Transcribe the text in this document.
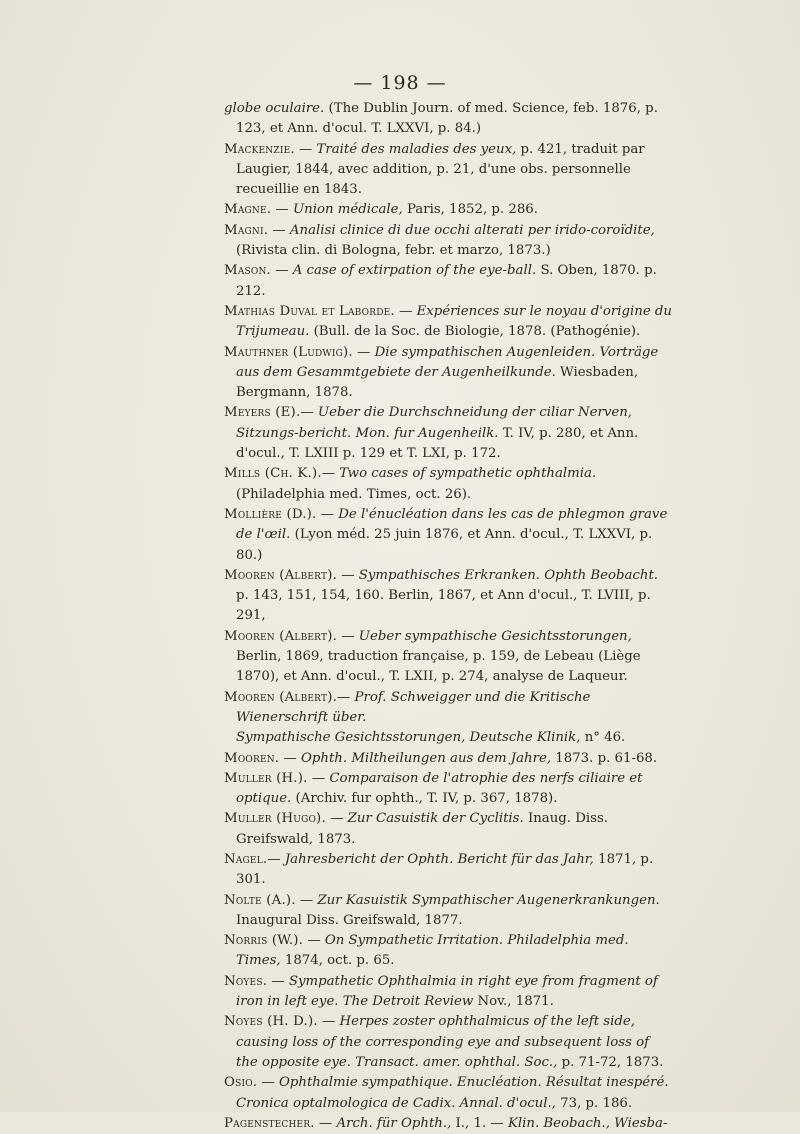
— 198 —

globe oculaire. (The Dublin Journ. of med. Science, feb. 1876, p. 123, et Ann. d'ocul. T. LXXVI, p. 84.)

Mackenzie. — Traité des maladies des yeux, p. 421, traduit par Laugier, 1844, avec addition, p. 21, d'une obs. personnelle recueillie en 1843.

Magne. — Union médicale, Paris, 1852, p. 286.

Magni. — Analisi clinice di due occhi alterati per irido-coroïdite, (Rivista clin. di Bologna, febr. et marzo, 1873.)

Mason. — A case of extirpation of the eye-ball. S. Oben, 1870. p. 212.

Mathias Duval et Laborde. — Expériences sur le noyau d'origine du Trijumeau. (Bull. de la Soc. de Biologie, 1878. (Pathogénie).

Mauthner (Ludwig). — Die sympathischen Augenleiden. Vorträge aus dem Gesammtgebiete der Augenheilkunde. Wiesbaden, Bergmann, 1878.

Meyers (E).— Ueber die Durchschneidung der ciliar Nerven, Sitzungs-bericht. Mon. fur Augenheilk. T. IV, p. 280, et Ann. d'ocul., T. LXIII p. 129 et T. LXI, p. 172.

Mills (Ch. K.).— Two cases of sympathetic ophthalmia. (Philadelphia med. Times, oct. 26).

Mollière (D.). — De l'énucléation dans les cas de phlegmon grave de l'œil. (Lyon méd. 25 juin 1876, et Ann. d'ocul., T. LXXVI, p. 80.)

Mooren (Albert). — Sympathisches Erkranken. Ophth Beobacht. p. 143, 151, 154, 160. Berlin, 1867, et Ann d'ocul., T. LVIII, p. 291,

Mooren (Albert). — Ueber sympathische Gesichtsstorungen, Berlin, 1869, traduction française, p. 159, de Lebeau (Liège 1870), et Ann. d'ocul., T. LXII, p. 274, analyse de Laqueur.

Mooren (Albert).— Prof. Schweigger und die Kritische Wienerschrift über.

Sympathische Gesichtsstorungen, Deutsche Klinik, n° 46.

Mooren. — Ophth. Miltheilungen aus dem Jahre, 1873. p. 61-68.

Muller (H.). — Comparaison de l'atrophie des nerfs ciliaire et optique. (Archiv. fur ophth., T. IV, p. 367, 1878).

Muller (Hugo). — Zur Casuistik der Cyclitis. Inaug. Diss. Greifswald, 1873.

Nagel.— Jahresbericht der Ophth. Bericht für das Jahr, 1871, p. 301.

Nolte (A.). — Zur Kasuistik Sympathischer Augenerkrankungen. Inaugural Diss. Greifswald, 1877.

Norris (W.). — On Sympathetic Irritation. Philadelphia med. Times, 1874, oct. p. 65.

Noyes. — Sympathetic Ophthalmia in right eye from fragment of iron in left eye. The Detroit Review Nov., 1871.

Noyes (H. D.). — Herpes zoster ophthalmicus of the left side, causing loss of the corresponding eye and subsequent loss of the opposite eye. Transact. amer. ophthal. Soc., p. 71-72, 1873.

Osio. — Ophthalmie sympathique. Enucléation. Résultat inespéré. Cronica optalmologica de Cadix. Annal. d'ocul., 73, p. 186.

Pagenstecher. — Arch. für Ophth., I., 1. — Klin. Beobach., Wiesba-
